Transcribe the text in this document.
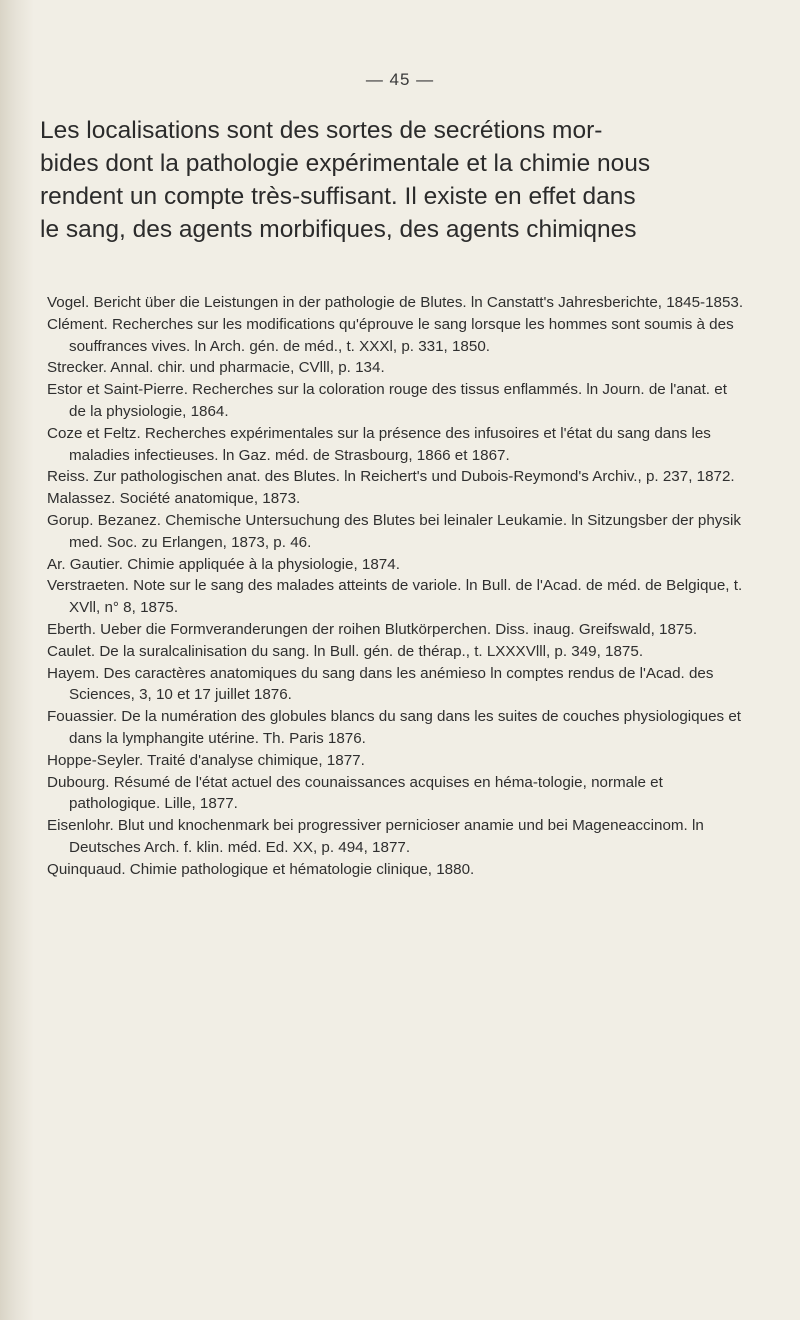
— 45 —
Les localisations sont des sortes de secrétions mor-
bides dont la pathologie expérimentale et la chimie nous
rendent un compte très-suffisant. Il existe en effet dans
le sang, des agents morbifiques, des agents chimiqnes

Vogel. Bericht über die Leistungen in der pathologie de Blutes. ln Canstatt's Jahresberichte, 1845-1853.

Clément. Recherches sur les modifications qu'éprouve le sang lorsque les hommes sont soumis à des souffrances vives. ln Arch. gén. de méd., t. XXXl, p. 331, 1850.

Strecker. Annal. chir. und pharmacie, CVlll, p. 134.

Estor et Saint-Pierre. Recherches sur la coloration rouge des tissus enflammés. ln Journ. de l'anat. et de la physiologie, 1864.

Coze et Feltz. Recherches expérimentales sur la présence des infusoires et l'état du sang dans les maladies infectieuses. ln Gaz. méd. de Strasbourg, 1866 et 1867.

Reiss. Zur pathologischen anat. des Blutes. ln Reichert's und Dubois-Reymond's Archiv., p. 237, 1872.

Malassez. Société anatomique, 1873.

Gorup. Bezanez. Chemische Untersuchung des Blutes bei leinaler Leukamie. ln Sitzungsber der physik med. Soc. zu Erlangen, 1873, p. 46.

Ar. Gautier. Chimie appliquée à la physiologie, 1874.

Verstraeten. Note sur le sang des malades atteints de variole. ln Bull. de l'Acad. de méd. de Belgique, t. XVll, n° 8, 1875.

Eberth. Ueber die Formveranderungen der roihen Blutkörperchen. Diss. inaug. Greifswald, 1875.

Caulet. De la suralcalinisation du sang. ln Bull. gén. de thérap., t. LXXXVlll, p. 349, 1875.

Hayem. Des caractères anatomiques du sang dans les anémieso ln comptes rendus de l'Acad. des Sciences, 3, 10 et 17 juillet 1876.

Fouassier. De la numération des globules blancs du sang dans les suites de couches physiologiques et dans la lymphangite utérine. Th. Paris 1876.

Hoppe-Seyler. Traité d'analyse chimique, 1877.

Dubourg. Résumé de l'état actuel des counaissances acquises en héma-tologie, normale et pathologique. Lille, 1877.

Eisenlohr. Blut und knochenmark bei progressiver pernicioser anamie und bei Mageneaccinom. ln Deutsches Arch. f. klin. méd. Ed. XX, p. 494, 1877.

Quinquaud. Chimie pathologique et hématologie clinique, 1880.
